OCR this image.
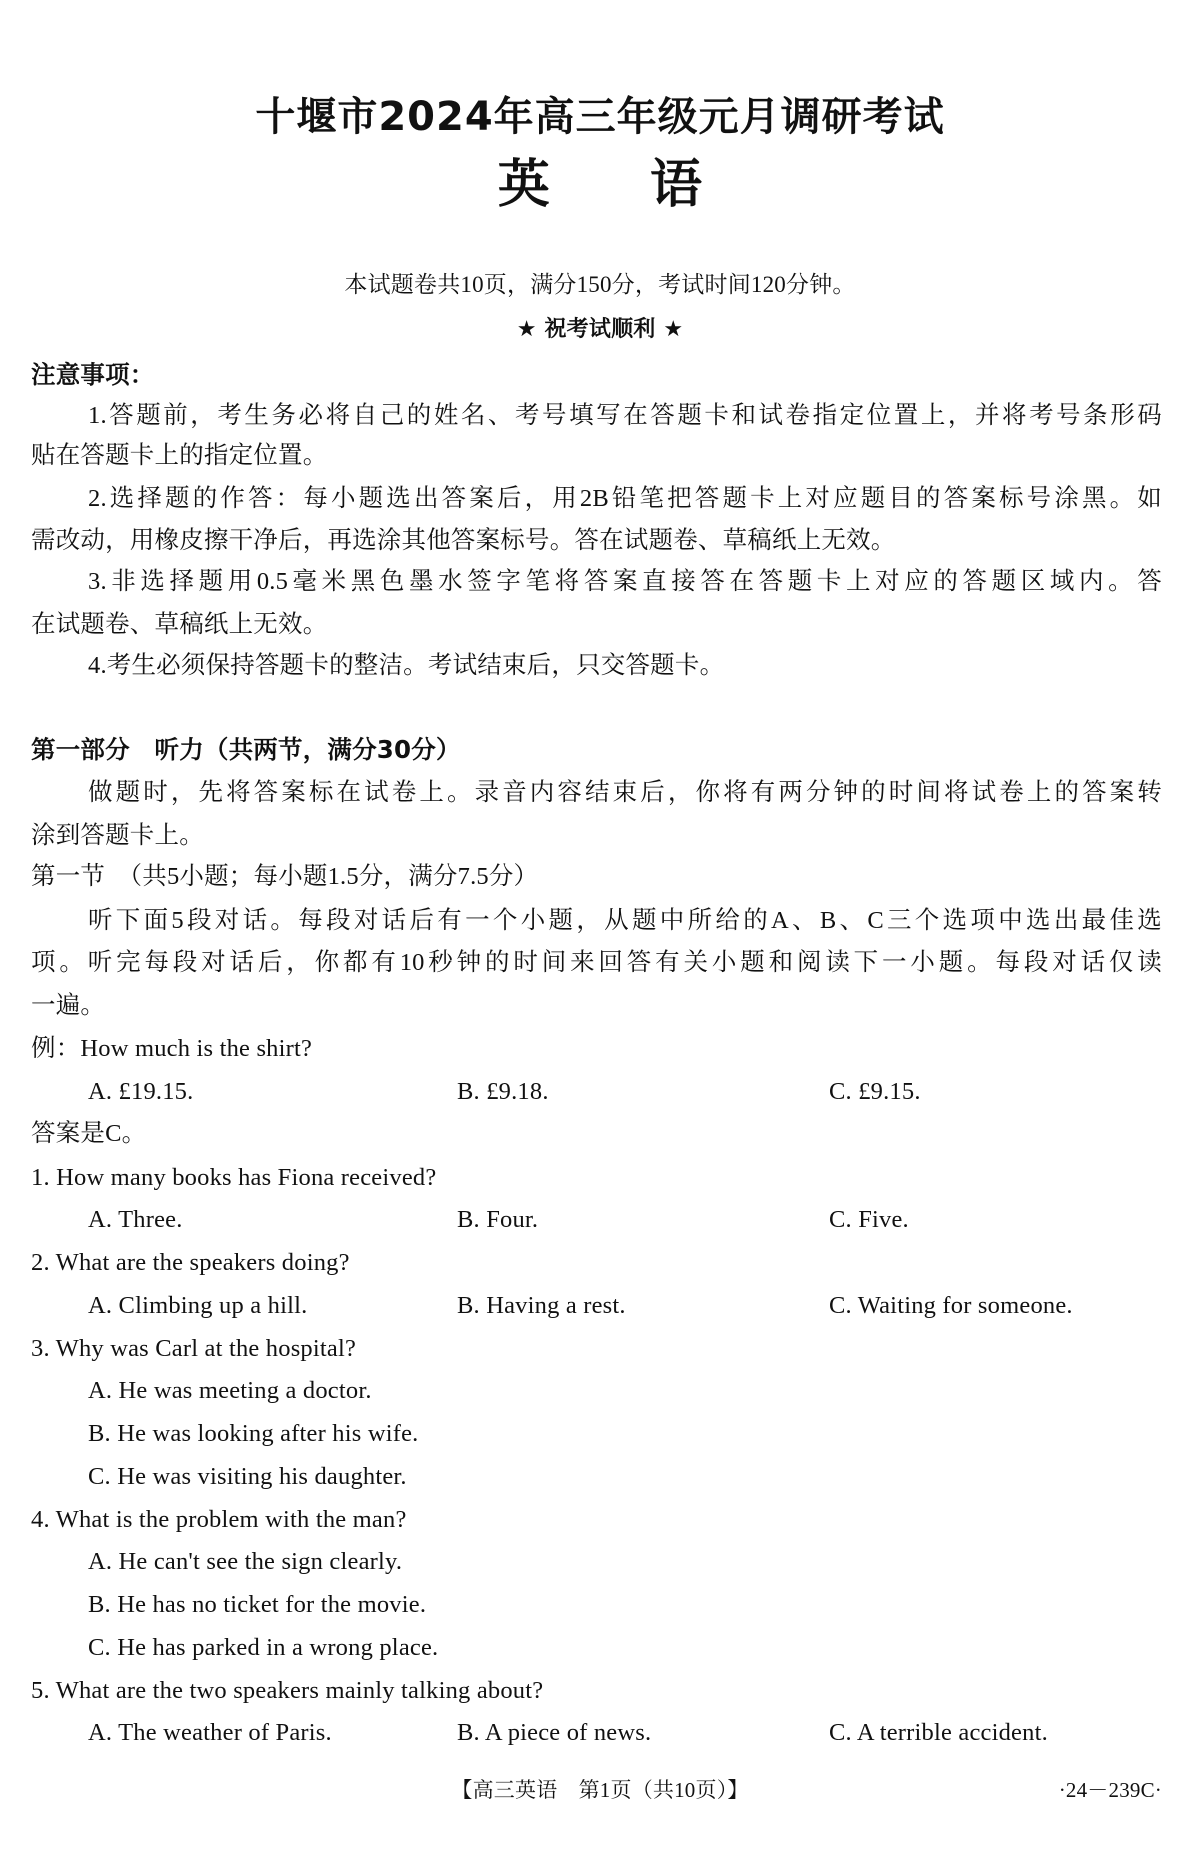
十堰市2024年高三年级元月调研考试
英 语
本试题卷共10页，满分150分，考试时间120分钟。
★ 祝考试顺利 ★
注意事项：
1.答题前，考生务必将自己的姓名、考号填写在答题卡和试卷指定位置上，并将考号条形码
贴在答题卡上的指定位置。
2.选择题的作答：每小题选出答案后，用2B铅笔把答题卡上对应题目的答案标号涂黑。如
需改动，用橡皮擦干净后，再选涂其他答案标号。答在试题卷、草稿纸上无效。
3.非选择题用0.5毫米黑色墨水签字笔将答案直接答在答题卡上对应的答题区域内。答
在试题卷、草稿纸上无效。
4.考生必须保持答题卡的整洁。考试结束后，只交答题卡。
第一部分　听力（共两节，满分30分）
做题时，先将答案标在试卷上。录音内容结束后，你将有两分钟的时间将试卷上的答案转
涂到答题卡上。
第一节　（共5小题；每小题1.5分，满分7.5分）
听下面5段对话。每段对话后有一个小题，从题中所给的A、B、C三个选项中选出最佳选
项。听完每段对话后，你都有10秒钟的时间来回答有关小题和阅读下一小题。每段对话仅读
一遍。
例：How much is the shirt?
A. £19.15.	B. £9.18.	C. £9.15.
答案是C。
1. How many books has Fiona received?
A. Three.	B. Four.	C. Five.
2. What are the speakers doing?
A. Climbing up a hill.	B. Having a rest.	C. Waiting for someone.
3. Why was Carl at the hospital?
A. He was meeting a doctor.
B. He was looking after his wife.
C. He was visiting his daughter.
4. What is the problem with the man?
A. He can't see the sign clearly.
B. He has no ticket for the movie.
C. He has parked in a wrong place.
5. What are the two speakers mainly talking about?
A. The weather of Paris.	B. A piece of news.	C. A terrible accident.
【高三英语　第1页（共10页）】	·24－239C·
